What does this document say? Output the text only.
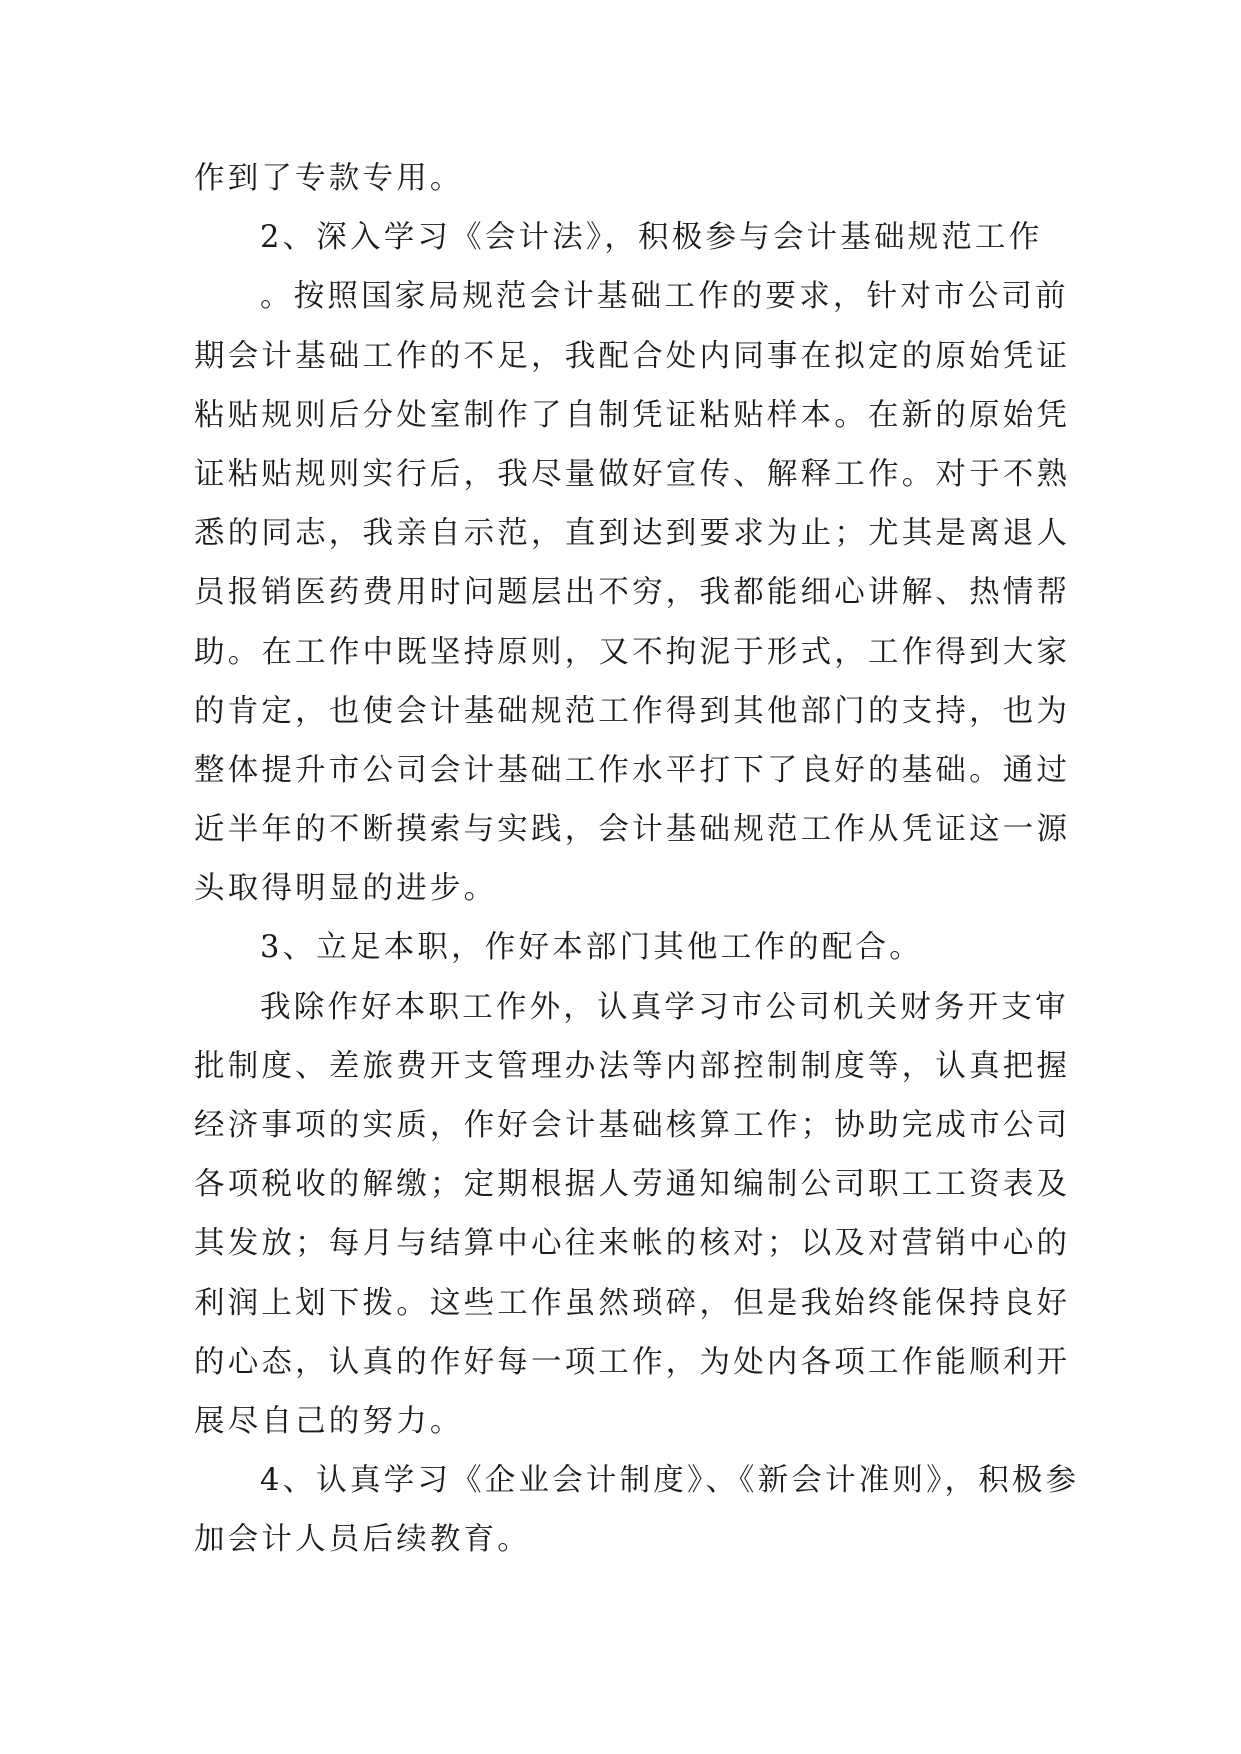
作到了专款专用。
2、深入学习《会计法》，积极参与会计基础规范工作
。按照国家局规范会计基础工作的要求，针对市公司前
期会计基础工作的不足，我配合处内同事在拟定的原始凭证
粘贴规则后分处室制作了自制凭证粘贴样本。在新的原始凭
证粘贴规则实行后，我尽量做好宣传、解释工作。对于不熟
悉的同志，我亲自示范，直到达到要求为止；尤其是离退人
员报销医药费用时问题层出不穷，我都能细心讲解、热情帮
助。在工作中既坚持原则，又不拘泥于形式，工作得到大家
的肯定，也使会计基础规范工作得到其他部门的支持，也为
整体提升市公司会计基础工作水平打下了良好的基础。通过
近半年的不断摸索与实践，会计基础规范工作从凭证这一源
头取得明显的进步。
3、立足本职，作好本部门其他工作的配合。
我除作好本职工作外，认真学习市公司机关财务开支审
批制度、差旅费开支管理办法等内部控制制度等，认真把握
经济事项的实质，作好会计基础核算工作；协助完成市公司
各项税收的解缴；定期根据人劳通知编制公司职工工资表及
其发放；每月与结算中心往来帐的核对；以及对营销中心的
利润上划下拨。这些工作虽然琐碎，但是我始终能保持良好
的心态，认真的作好每一项工作，为处内各项工作能顺利开
展尽自己的努力。
4、认真学习《企业会计制度》、《新会计准则》，积极参
加会计人员后续教育。
